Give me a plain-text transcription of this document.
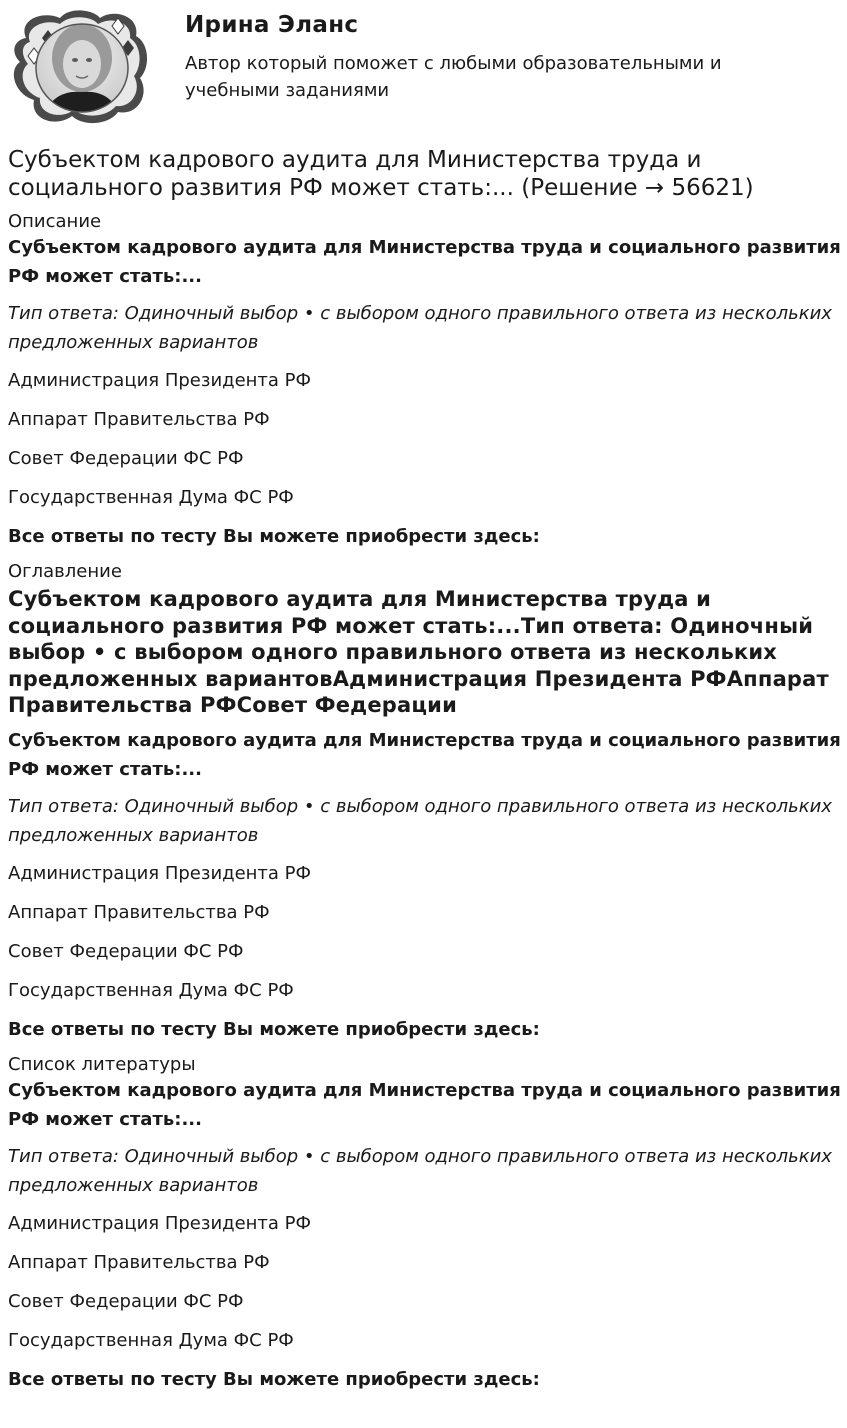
Ирина Эланс
Автор который поможет с любыми образовательными и учебными заданиями
Субъектом кадрового аудита для Министерства труда и социального развития РФ может стать:... (Решение → 56621)

Описание

Субъектом кадрового аудита для Министерства труда и социального развития РФ может стать:...

Тип ответа: Одиночный выбор • с выбором одного правильного ответа из нескольких предложенных вариантов

Администрация Президента РФ
Аппарат Правительства РФ
Совет Федерации ФС РФ
Государственная Дума ФС РФ

Все ответы по тесту Вы можете приобрести здесь:

Оглавление

Субъектом кадрового аудита для Министерства труда и социального развития РФ может стать:...Тип ответа: Одиночный выбор • с выбором одного правильного ответа из нескольких предложенных вариантовАдминистрация Президента РФАппарат Правительства РФСовет Федерации

Субъектом кадрового аудита для Министерства труда и социального развития РФ может стать:...

Тип ответа: Одиночный выбор • с выбором одного правильного ответа из нескольких предложенных вариантов

Администрация Президента РФ
Аппарат Правительства РФ
Совет Федерации ФС РФ
Государственная Дума ФС РФ

Все ответы по тесту Вы можете приобрести здесь:

Список литературы

Субъектом кадрового аудита для Министерства труда и социального развития РФ может стать:...

Тип ответа: Одиночный выбор • с выбором одного правильного ответа из нескольких предложенных вариантов

Администрация Президента РФ
Аппарат Правительства РФ
Совет Федерации ФС РФ
Государственная Дума ФС РФ

Все ответы по тесту Вы можете приобрести здесь:
